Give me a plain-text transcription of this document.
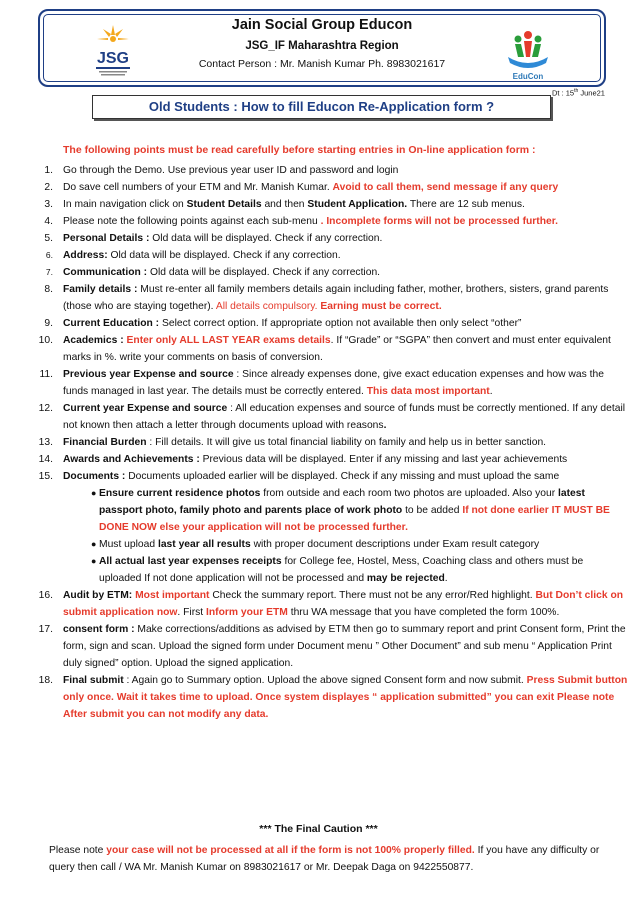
Jain Social Group Educon
JSG_IF Maharashtra Region
Contact Person : Mr. Manish Kumar Ph. 8983021617
JSG
EduCon
Dt : 15th June21
Old Students : How to fill Educon Re-Application form ?
The following points must be read carefully before starting entries in On-line application form :
1. Go through the Demo. Use previous year user ID and password and login
2. Do save cell numbers of your ETM and Mr. Manish Kumar. Avoid to call them, send message if any query
3. In main navigation click on Student Details and then Student Application. There are 12 sub menus.
4. Please note the following points against each sub-menu . Incomplete forms will not be processed further.
5. Personal Details : Old data will be displayed. Check if any correction.
6. Address: Old data will be displayed. Check if any correction.
7. Communication : Old data will be displayed. Check if any correction.
8. Family details : Must re-enter all family members details again including father, mother, brothers, sisters, grand parents (those who are staying together). All details compulsory. Earning must be correct.
9. Current Education : Select correct option. If appropriate option not available then only select “other”
10. Academics : Enter only ALL LAST YEAR exams details. If “Grade” or “SGPA” then convert and must enter equivalent marks in %. write your comments on basis of conversion.
11. Previous year Expense and source : Since already expenses done, give exact education expenses and how was the funds managed in last year. The details must be correctly entered. This data most important.
12. Current year Expense and source : All education expenses and source of funds must be correctly mentioned. If any detail not known then attach a letter through documents upload with reasons.
13. Financial Burden : Fill details. It will give us total financial liability on family and help us in better sanction.
14. Awards and Achievements : Previous data will be displayed. Enter if any missing and last year achievements
15. Documents : Documents uploaded earlier will be displayed. Check if any missing and must upload the same
● Ensure current residence photos from outside and each room two photos are uploaded. Also your latest passport photo, family photo and parents place of work photo to be added If not done earlier IT MUST BE DONE NOW else your application will not be processed further.
● Must upload last year all results with proper document descriptions under Exam result category
● All actual last year expenses receipts for College fee, Hostel, Mess, Coaching class and others must be uploaded If not done application will not be processed and may be rejected.
16. Audit by ETM: Most important Check the summary report. There must not be any error/Red highlight. But Don’t click on submit application now. First Inform your ETM thru WA message that you have completed the form 100%.
17. consent form : Make corrections/additions as advised by ETM then go to summary report and print Consent form, Print the form, sign and scan. Upload the signed form under Document menu ” Other Document” and sub menu “ Application Print duly signed” option. Upload the signed application.
18. Final submit : Again go to Summary option. Upload the above signed Consent form and now submit. Press Submit button only once. Wait it takes time to upload. Once system displayes “ application submitted” you can exit Please note After submit you can not modify any data.
*** The Final Caution ***
Please note your case will not be processed at all if the form is not 100% properly filled. If you have any difficulty or query then call / WA Mr. Manish Kumar on 8983021617 or Mr. Deepak Daga on 9422550877.
